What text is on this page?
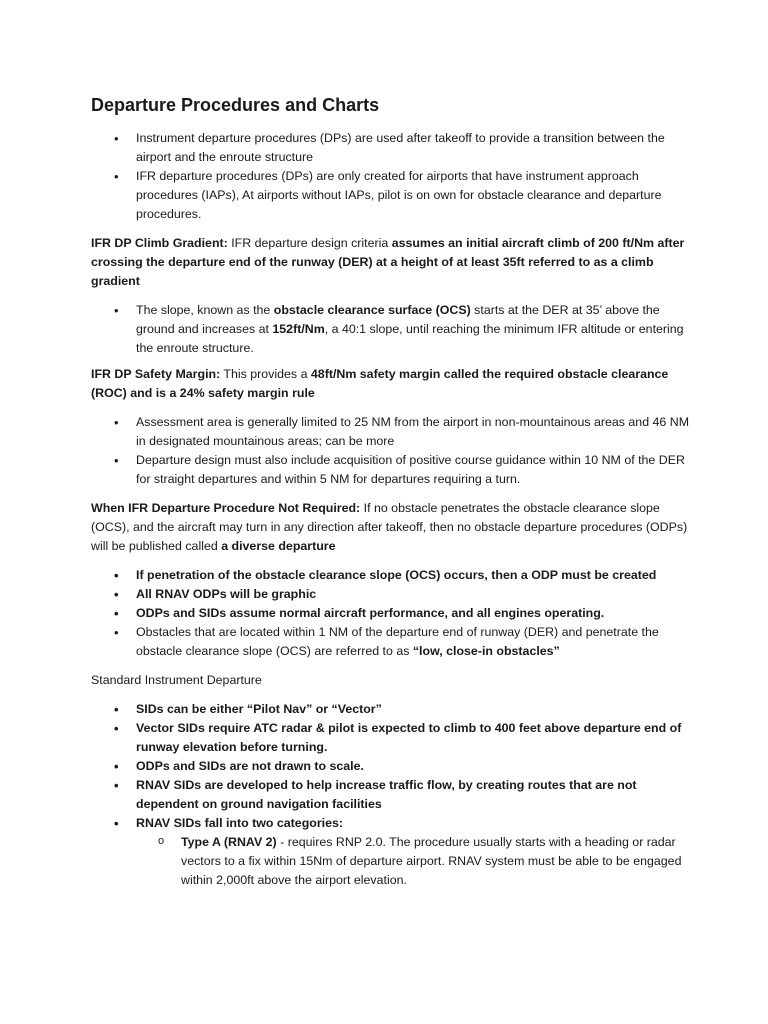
Departure Procedures and Charts
• Instrument departure procedures (DPs) are used after takeoff to provide a transition between the airport and the enroute structure
• IFR departure procedures (DPs) are only created for airports that have instrument approach procedures (IAPs), At airports without IAPs, pilot is on own for obstacle clearance and departure procedures.

IFR DP Climb Gradient: IFR departure design criteria assumes an initial aircraft climb of 200 ft/Nm after crossing the departure end of the runway (DER) at a height of at least 35ft referred to as a climb gradient

• The slope, known as the obstacle clearance surface (OCS) starts at the DER at 35’ above the ground and increases at 152ft/Nm, a 40:1 slope, until reaching the minimum IFR altitude or entering the enroute structure.

IFR DP Safety Margin: This provides a 48ft/Nm safety margin called the required obstacle clearance (ROC) and is a 24% safety margin rule

• Assessment area is generally limited to 25 NM from the airport in non-mountainous areas and 46 NM in designated mountainous areas; can be more
• Departure design must also include acquisition of positive course guidance within 10 NM of the DER for straight departures and within 5 NM for departures requiring a turn.

When IFR Departure Procedure Not Required: If no obstacle penetrates the obstacle clearance slope (OCS), and the aircraft may turn in any direction after takeoff, then no obstacle departure procedures (ODPs) will be published called a diverse departure

• If penetration of the obstacle clearance slope (OCS) occurs, then a ODP must be created
• All RNAV ODPs will be graphic
• ODPs and SIDs assume normal aircraft performance, and all engines operating.
• Obstacles that are located within 1 NM of the departure end of runway (DER) and penetrate the obstacle clearance slope (OCS) are referred to as “low, close-in obstacles”

Standard Instrument Departure

• SIDs can be either “Pilot Nav” or “Vector”
• Vector SIDs require ATC radar & pilot is expected to climb to 400 feet above departure end of runway elevation before turning.
• ODPs and SIDs are not drawn to scale.
• RNAV SIDs are developed to help increase traffic flow, by creating routes that are not dependent on ground navigation facilities
• RNAV SIDs fall into two categories:
o Type A (RNAV 2) - requires RNP 2.0. The procedure usually starts with a heading or radar vectors to a fix within 15Nm of departure airport. RNAV system must be able to be engaged within 2,000ft above the airport elevation.
